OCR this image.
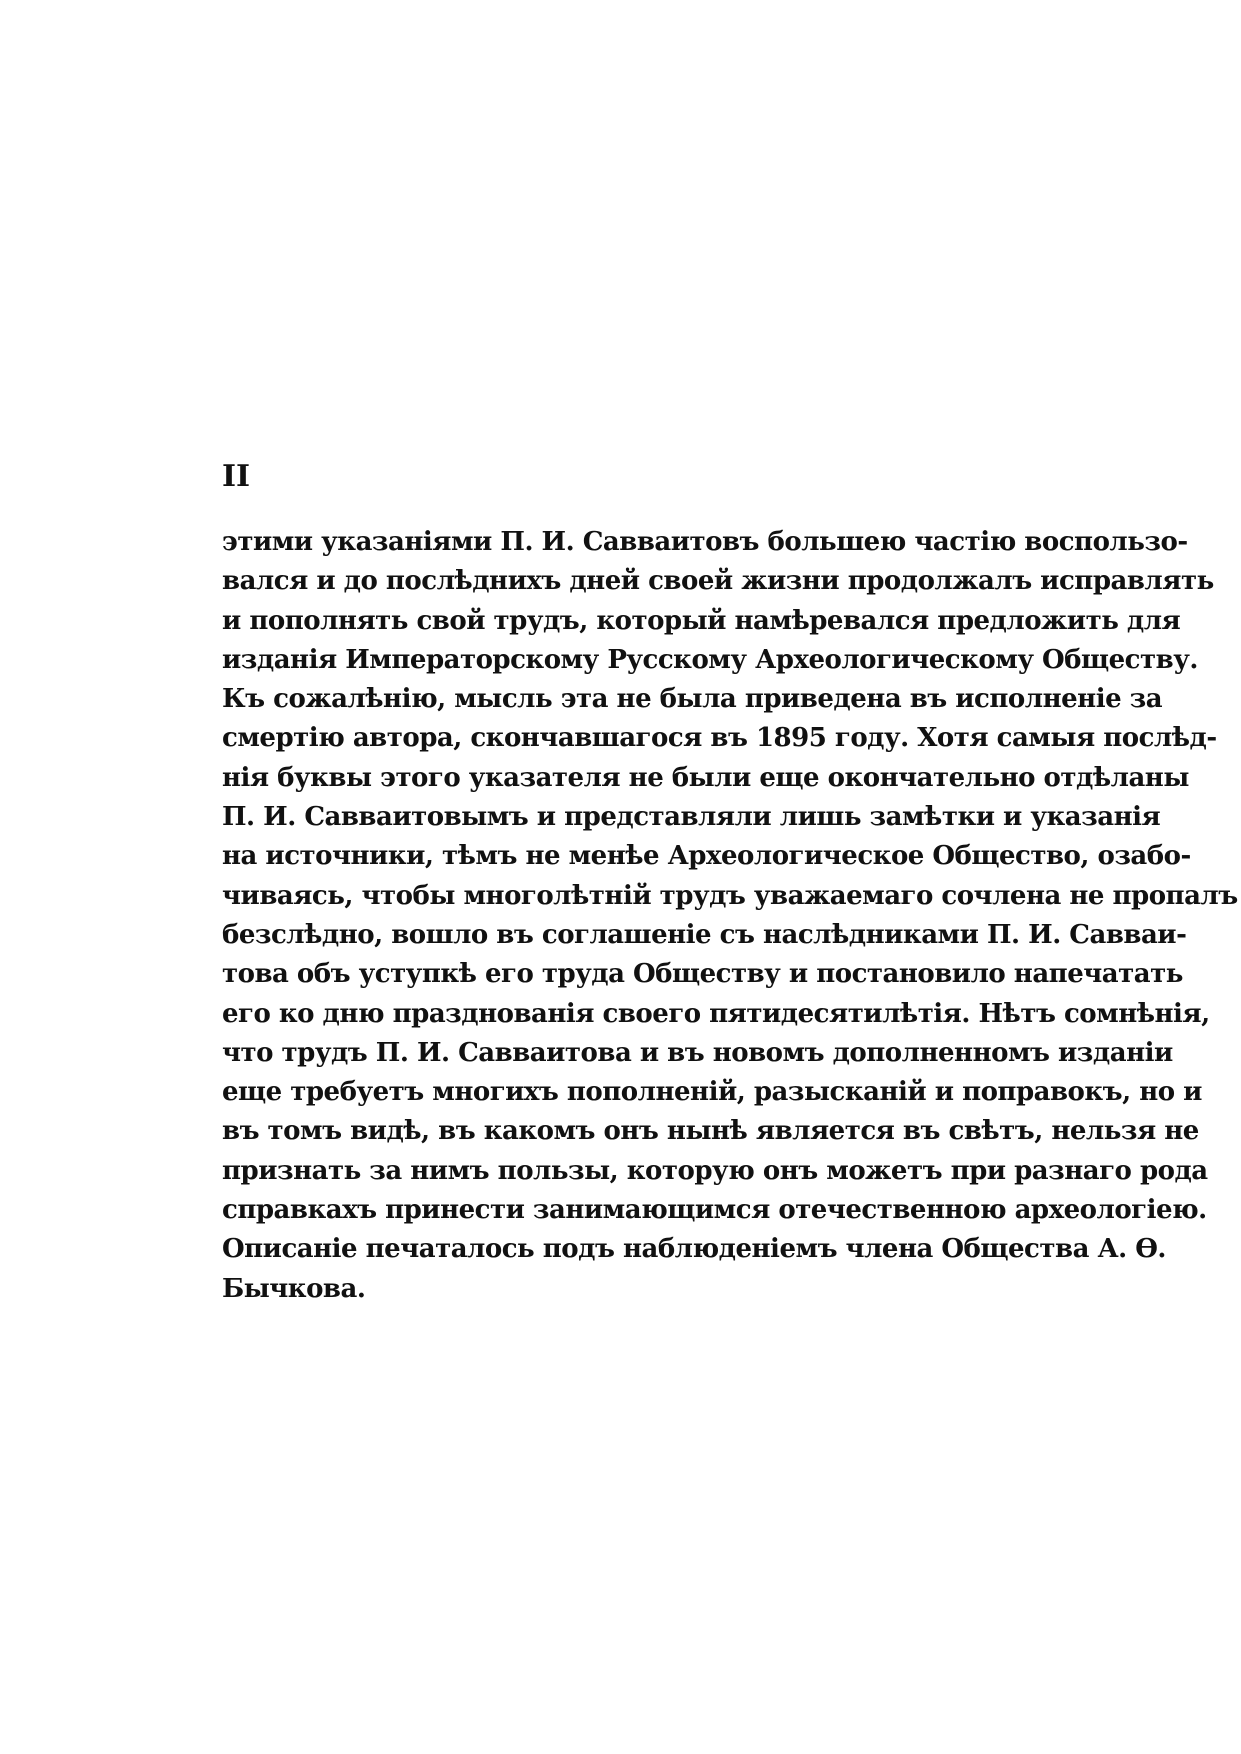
II
этими указаніями П. И. Савваитовъ большею частію воспользо-
вался и до послѣднихъ дней своей жизни продолжалъ исправлять
и пополнять свой трудъ, который намѣревался предложить для
изданія Императорскому Русскому Археологическому Обществу.
Къ сожалѣнію, мысль эта не была приведена въ исполненіе за
смертію автора, скончавшагося въ 1895 году. Хотя самыя послѣд-
нія буквы этого указателя не были еще окончательно отдѣланы
П. И. Савваитовымъ и представляли лишь замѣтки и указанія
на источники, тѣмъ не менѣе Археологическое Общество, озабо-
чиваясь, чтобы многолѣтній трудъ уважаемаго сочлена не пропалъ
безслѣдно, вошло въ соглашеніе съ наслѣдниками П. И. Савваи-
това объ уступкѣ его труда Обществу и постановило напечатать
его ко дню празднованія своего пятидесятилѣтія. Нѣтъ сомнѣнія,
что трудъ П. И. Савваитова и въ новомъ дополненномъ изданіи
еще требуетъ многихъ пополненій, разысканій и поправокъ, но и
въ томъ видѣ, въ какомъ онъ нынѣ является въ свѣтъ, нельзя не
признать за нимъ пользы, которую онъ можетъ при разнаго рода
справкахъ принести занимающимся отечественною археологіею.
Описаніе печаталось подъ наблюденіемъ члена Общества А. Ѳ.
Бычкова.
